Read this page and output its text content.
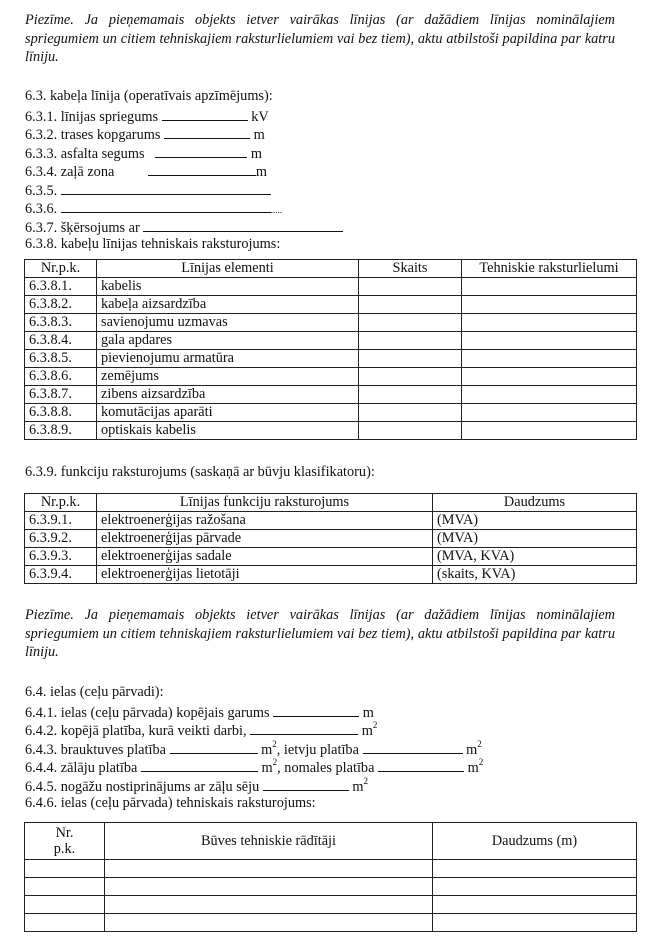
Piezīme. Ja pieņemamais objekts ietver vairākas līnijas (ar dažādiem līnijas nominālajiem spriegumiem un citiem tehniskajiem raksturlielumiem vai bez tiem), aktu atbilstoši papildina par katru līniju.
6.3. kabeļa līnija (operatīvais apzīmējums):
6.3.1. līnijas spriegums	kV
6.3.2. trases kopgarums	m
6.3.3. asfalta segums	m
6.3.4. zaļā zona	m
6.3.5.
6.3.6.	.....
6.3.7. šķērsojums ar
6.3.8. kabeļu līnijas tehniskais raksturojums:
Nr.p.k.	Līnijas elementi	Skaits	Tehniskie raksturlielumi
6.3.8.1.	kabelis		
6.3.8.2.	kabeļa aizsardzība		
6.3.8.3.	savienojumu uzmavas		
6.3.8.4.	gala apdares		
6.3.8.5.	pievienojumu armatūra		
6.3.8.6.	zemējums		
6.3.8.7.	zibens aizsardzība		
6.3.8.8.	komutācijas aparāti		
6.3.8.9.	optiskais kabelis		
6.3.9. funkciju raksturojums (saskaņā ar būvju klasifikatoru):
Nr.p.k.	Līnijas funkciju raksturojums	Daudzums
6.3.9.1.	elektroenerģijas ražošana	(MVA)
6.3.9.2.	elektroenerģijas pārvade	(MVA)
6.3.9.3.	elektroenerģijas sadale	(MVA, KVA)
6.3.9.4.	elektroenerģijas lietotāji	(skaits, KVA)
Piezīme. Ja pieņemamais objekts ietver vairākas līnijas (ar dažādiem līnijas nominālajiem spriegumiem un citiem tehniskajiem raksturlielumiem vai bez tiem), aktu atbilstoši papildina par katru līniju.
6.4. ielas (ceļu pārvadi):
6.4.1. ielas (ceļu pārvada) kopējais garums	m
6.4.2. kopējā platība, kurā veikti darbi,	$m^2$
6.4.3. brauktuves platība	$m^2$, ietvju platība	$m^2$
6.4.4. zālāju platība	$m^2$, nomales platība	$m^2$
6.4.5. nogāžu nostiprinājums ar zāļu sēju	$m^2$
6.4.6. ielas (ceļu pārvada) tehniskais raksturojums:
Nr.
p.k.	Būves tehniskie rādītāji	Daudzums (m)
